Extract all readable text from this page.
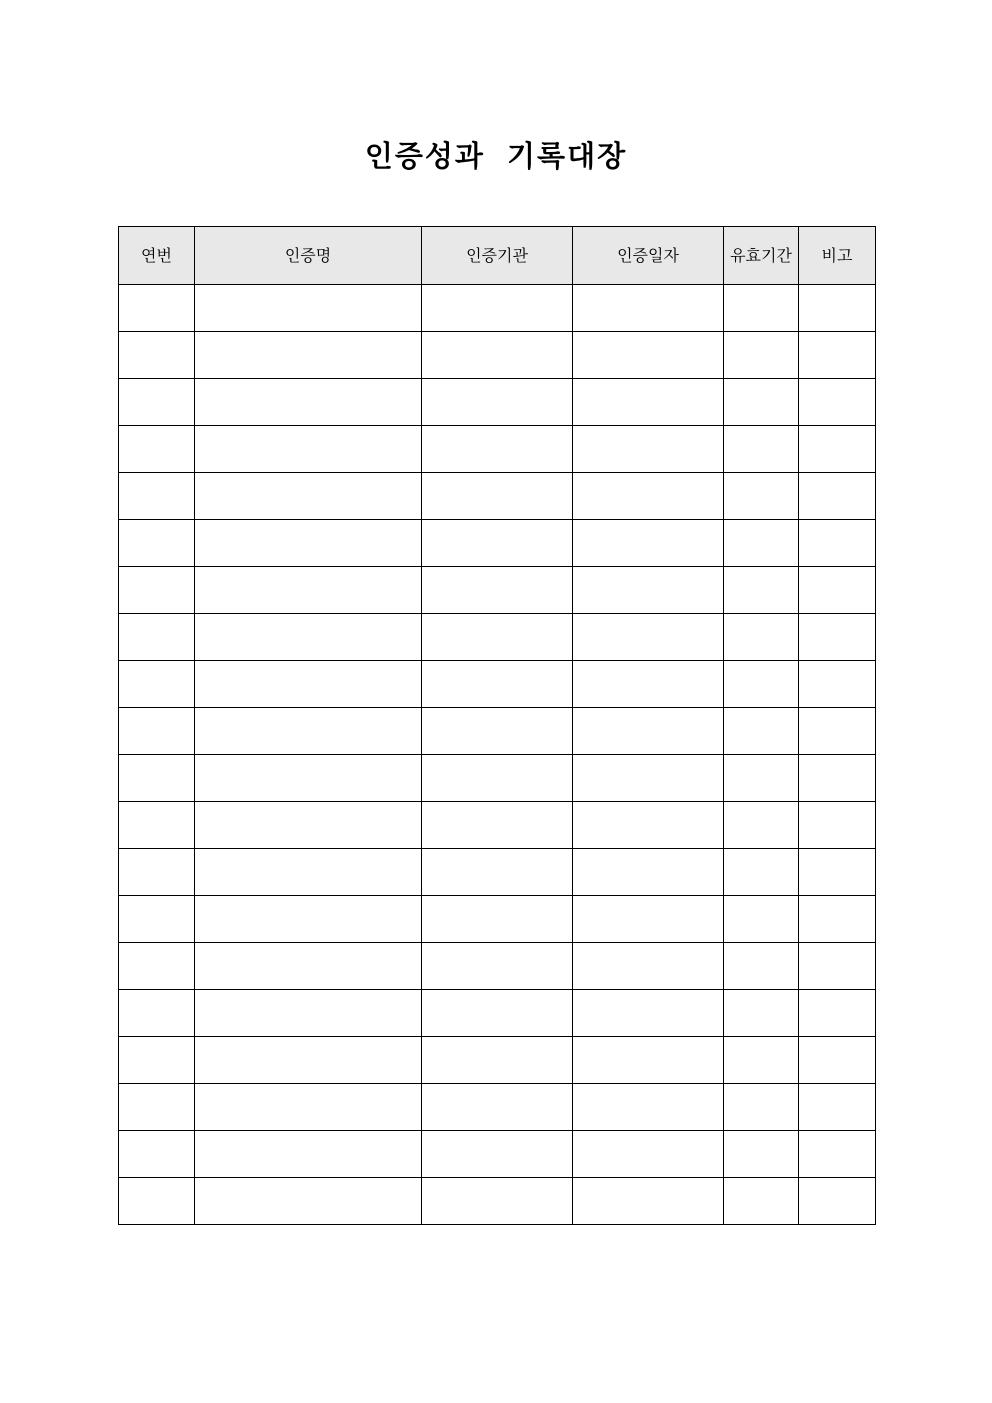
인증성과 기록대장
연번	인증명	인증기관	인증일자	유효기간	비고
